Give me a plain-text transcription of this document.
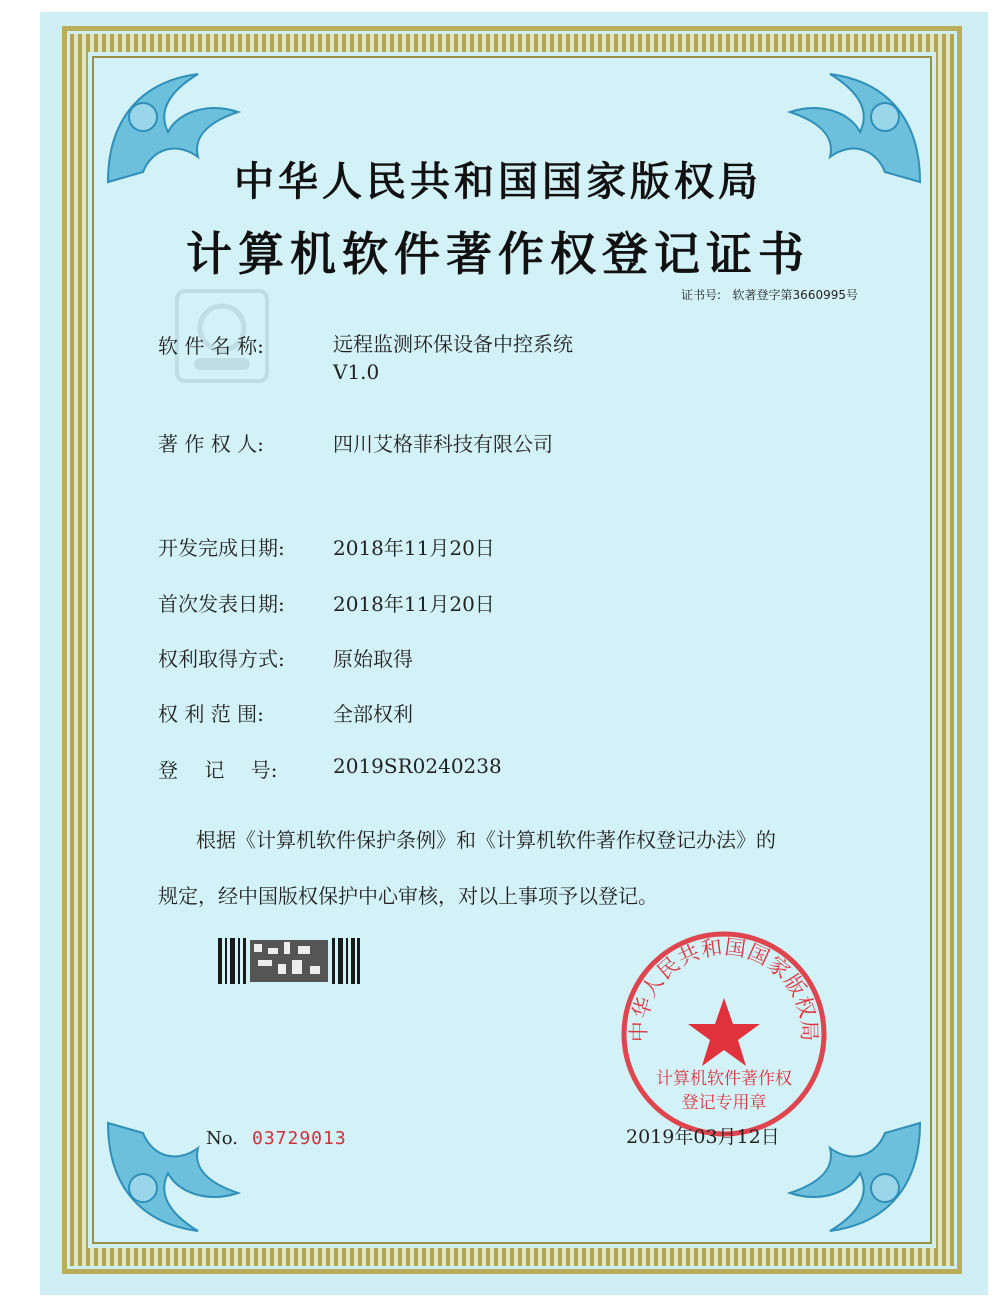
中华人民共和国国家版权局
计算机软件著作权登记证书
证书号: 软著登字第3660995号
软 件 名 称:	远程监测环保设备中控系统
V1.0
著 作 权 人:	四川艾格菲科技有限公司
开发完成日期:	2018年11月20日
首次发表日期:	2018年11月20日
权利取得方式:	原始取得
权 利 范 围:	全部权利
登　 记　 号:	2019SR0240238
根据《计算机软件保护条例》和《计算机软件著作权登记办法》的
规定，经中国版权保护中心审核，对以上事项予以登记。
中华人民共和国国家版权局
计算机软件著作权
登记专用章
No. 03729013	2019年03月12日
